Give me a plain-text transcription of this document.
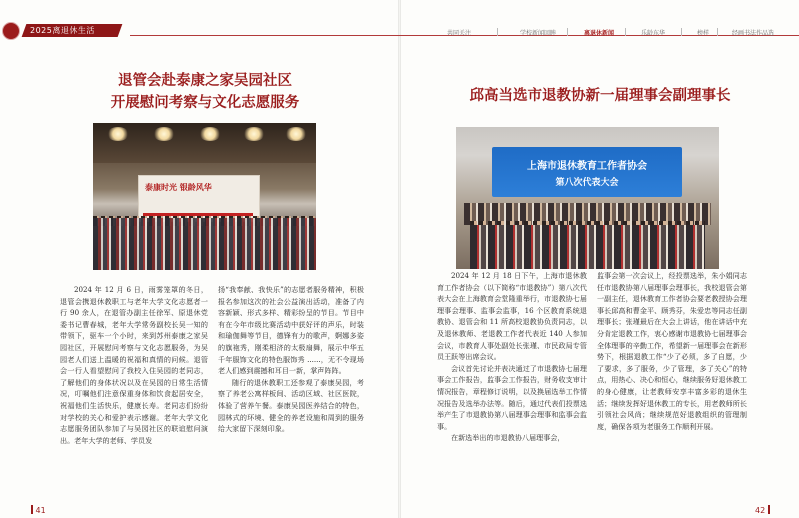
2025离退休生活	共同关注	学校新闻回眸	离退休新闻	乐龄东华	榜样	经画书法作品选
退管会赴泰康之家吴园社区
开展慰问考察与文化志愿服务
泰康时光 银龄风华

2024 年 12 月 6 日，雨雾笼罩的冬日，退管会携退休教职工与老年大学文化志愿者一行 90 余人，在退管办副主任徐军、原退休党委书记曹春城，老年大学常务副校长吴一知的带领下，驱车一个小时，来到苏州泰康之家吴园社区，开展慰问考察与文化志愿服务，为吴园老人们送上温暖的祝福和真情的问候。退管会一行人看望慰问了我校入住吴园的老同志，了解他们的身体状况以及在吴园的日常生活情况，叮嘱他们注意保重身体和饮食起居安全，祝福他们生活快乐，健康长寿。老同志们纷纷对学校的关心和爱护表示感谢。老年大学文化志愿服务团队参加了与吴园社区的联谊慰问演出。老年大学的老师、学员发

扬“我奉献、我快乐”的志愿者服务精神，积极报名参加这次的社会公益演出活动，准备了内容新颖、形式多样、精彩纷呈的节目。节目中有在今年市级比赛活动中获好评的声乐，时装和瑜伽舞等节目，德锋有力的歌声，婀娜多姿的旗袍秀，刚柔相济的太极扇舞，展示中华五千年服饰文化的特色服饰秀 ......，无不令现场老人们感到震撼和耳目一新，掌声阵阵。

随行的退休教职工还参观了泰康吴园，考察了养老公寓样板间、活动区域、社区医院，体验了营养午餐。泰康吴园医养结合的特色，园林式的环境、健全的养老设施和周到的服务给大家留下深刻印象。

邱高当选市退教协新一届理事会副理事长
上海市退休教育工作者协会
第八次代表大会

2024 年 12 月 18 日下午，上海市退休教育工作者协会（以下简称“市退教协”）第八次代表大会在上海教育会堂隆重举行，市退教协七届理事会理事、监事会监事，16 个区教育系统退教协、退管会和 11 所高校退教协负责同志，以及退休教师、老退教工作者代表近 140 人参加会议，市教育人事处副处长张瑾、市民政局专管员王跃等出席会议。

会议首先讨论并表决通过了市退教协七届理事会工作报告，监事会工作报告，财务收支审计情况报告，章程修订说明，以及换届选举工作情况报告及选举办法等。随后，通过代表们投票选举产生了市退教协第八届理事会理事和监事会监事。

在新选举出的市退教协八届理事会，

监事会第一次会议上，经投票选举，朱小娟同志任市退教协第八届理事会理事长，我校退管会第一副主任，退休教育工作者协会要老教授协会理事长邱高和曹金平、顾秀芬，朱爱忠等同志任副理事长；张瑾最后在大会上讲话，他在讲话中充分肯定退教工作，衷心感谢市退教协七届理事会全体理事的辛勤工作，希望新一届理事会在新形势下，根据退教工作“少了必须，多了自愿，少了要求，多了服务，少了管理，多了关心”的特点，用热心、决心和恒心，继续服务好退休教工的身心健康，让老教师安享丰富多彩的退休生活；继续发挥好退休教工的专长，用老教师所长引领社会风尚；继续规范好退教组织的管理制度，确保各项为老服务工作顺利开展。

41	42
